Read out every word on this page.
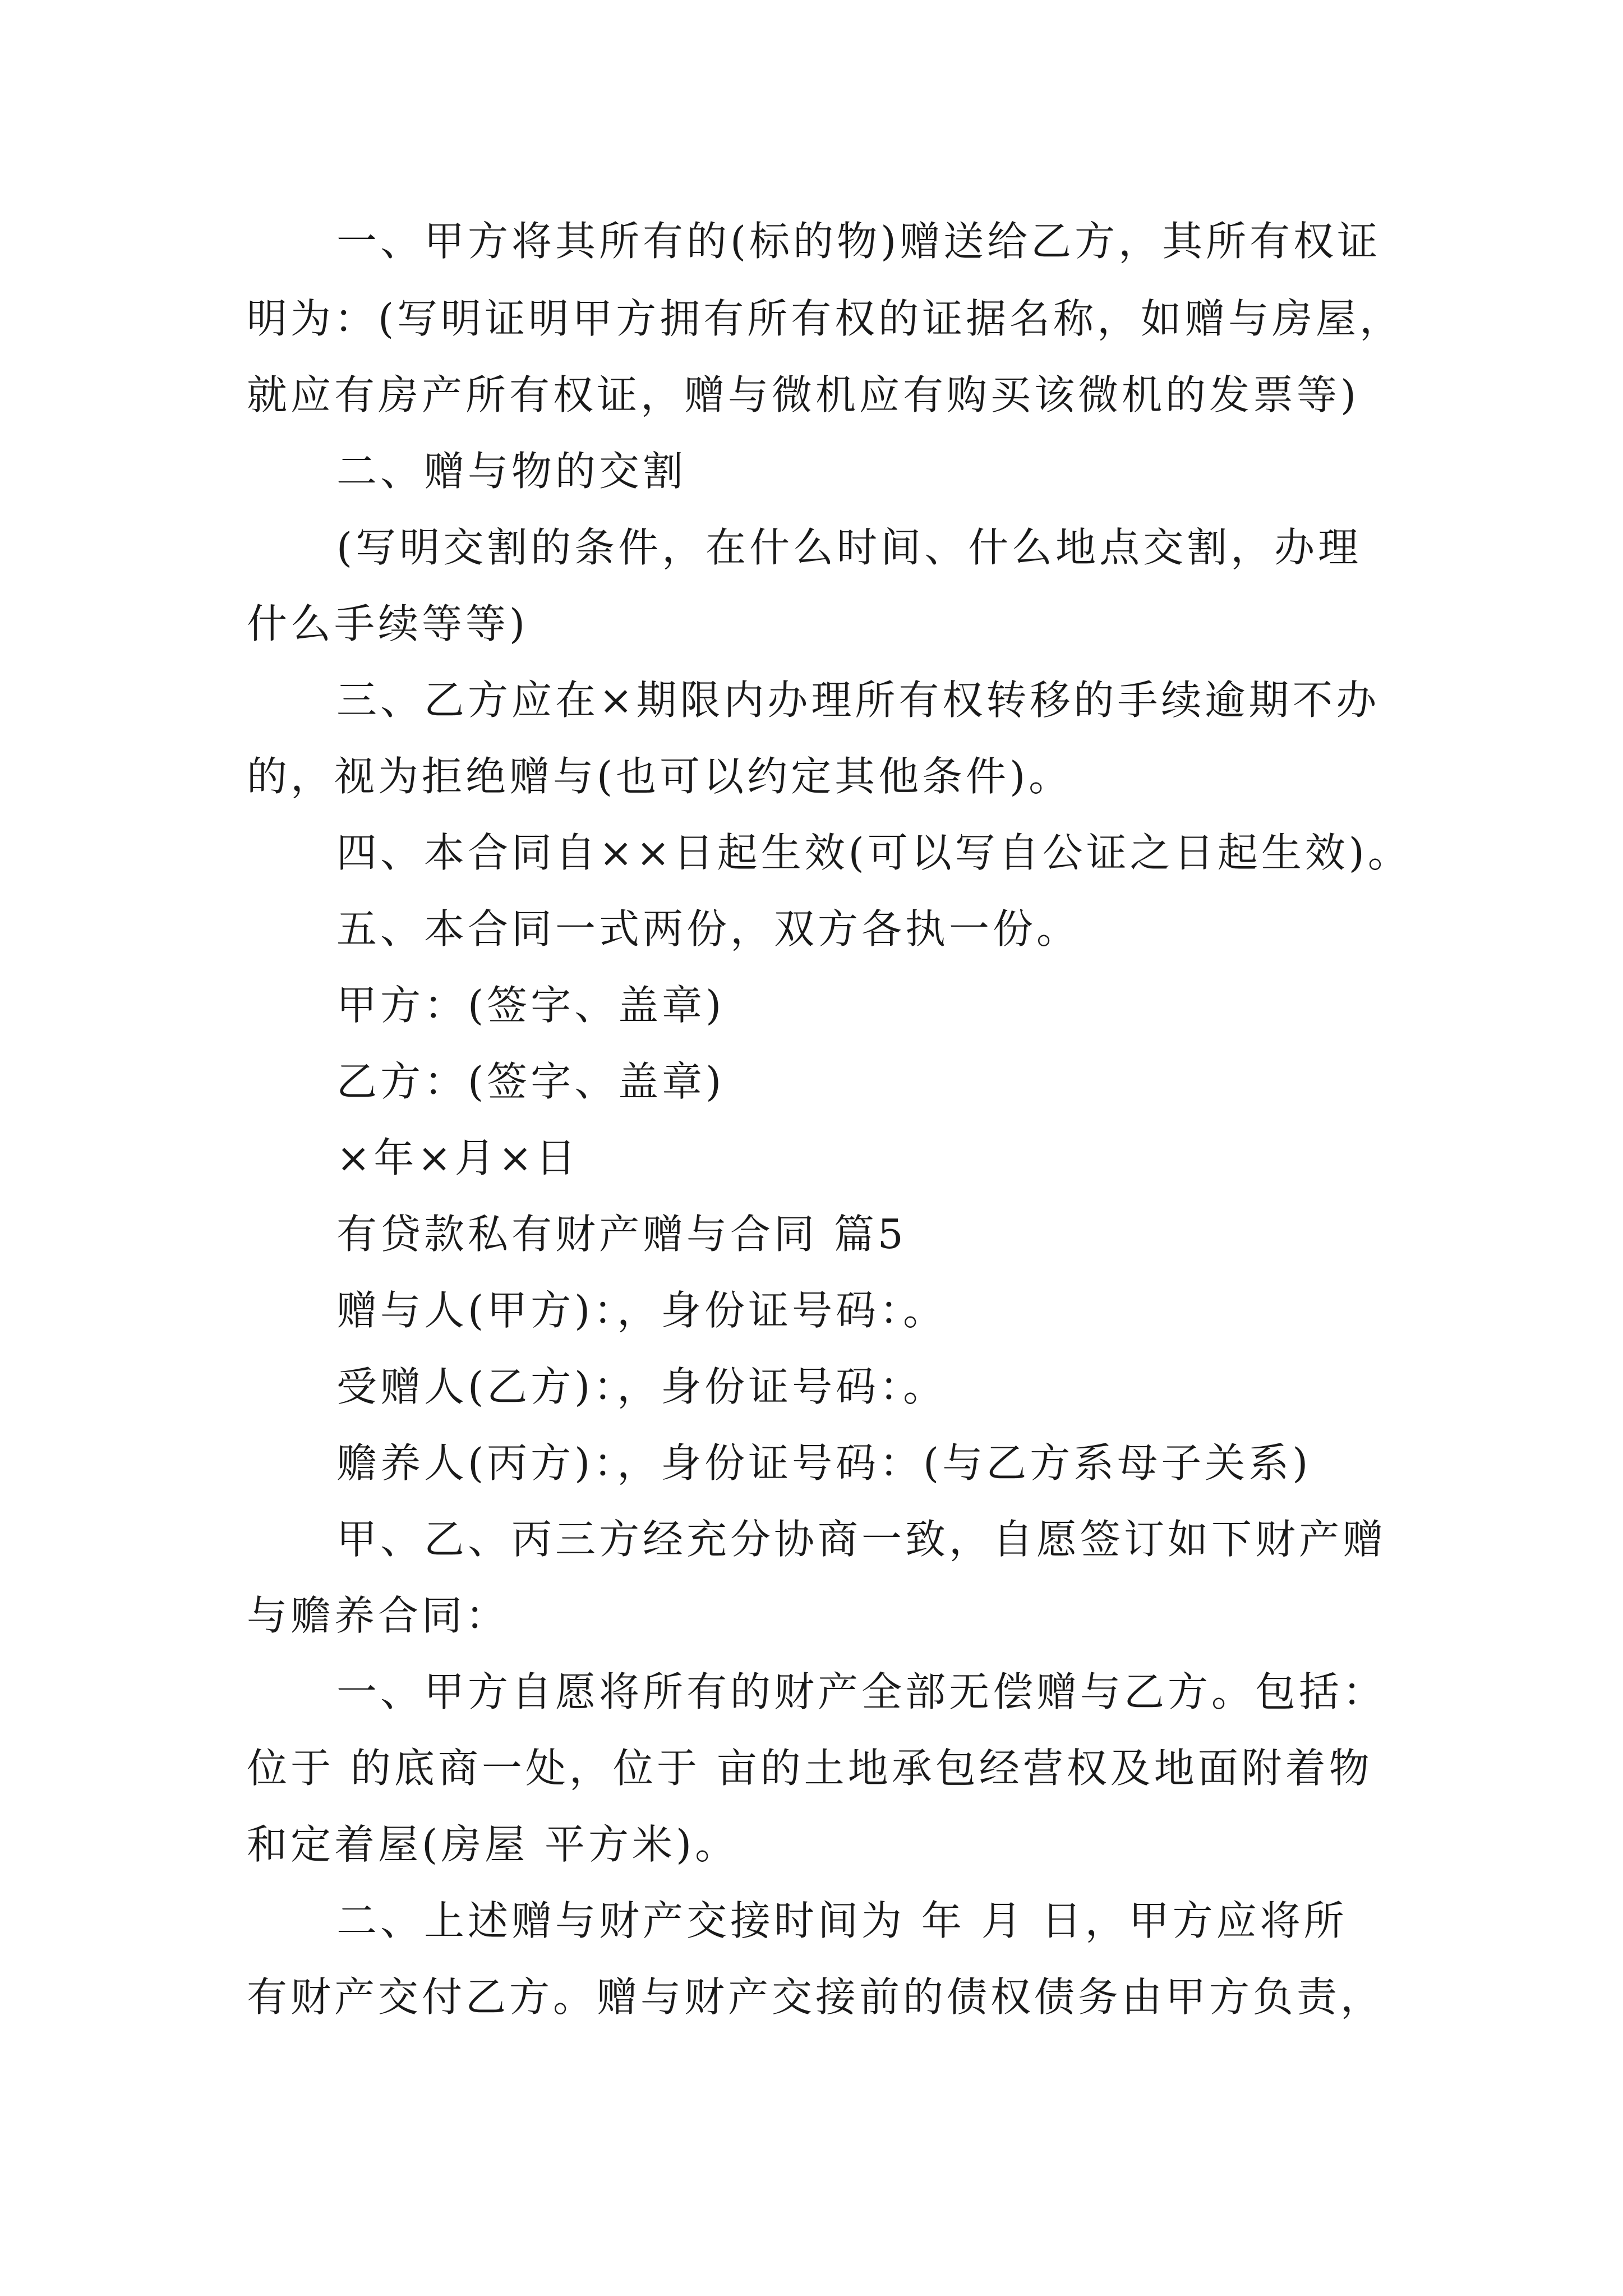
一、甲方将其所有的(标的物)赠送给乙方，其所有权证
明为：(写明证明甲方拥有所有权的证据名称，如赠与房屋，
就应有房产所有权证，赠与微机应有购买该微机的发票等)
二、赠与物的交割
(写明交割的条件，在什么时间、什么地点交割，办理
什么手续等等)
三、乙方应在×期限内办理所有权转移的手续逾期不办
的，视为拒绝赠与(也可以约定其他条件)。
四、本合同自××日起生效(可以写自公证之日起生效)。
五、本合同一式两份，双方各执一份。
甲方：(签字、盖章)
乙方：(签字、盖章)
×年×月×日
有贷款私有财产赠与合同 篇5
赠与人(甲方)：，身份证号码：。
受赠人(乙方)：，身份证号码：。
赡养人(丙方)：，身份证号码：(与乙方系母子关系)
甲、乙、丙三方经充分协商一致，自愿签订如下财产赠
与赡养合同：
一、甲方自愿将所有的财产全部无偿赠与乙方。包括：
位于 的底商一处，位于 亩的土地承包经营权及地面附着物
和定着屋(房屋 平方米)。
二、上述赠与财产交接时间为 年 月 日，甲方应将所
有财产交付乙方。赠与财产交接前的债权债务由甲方负责，
